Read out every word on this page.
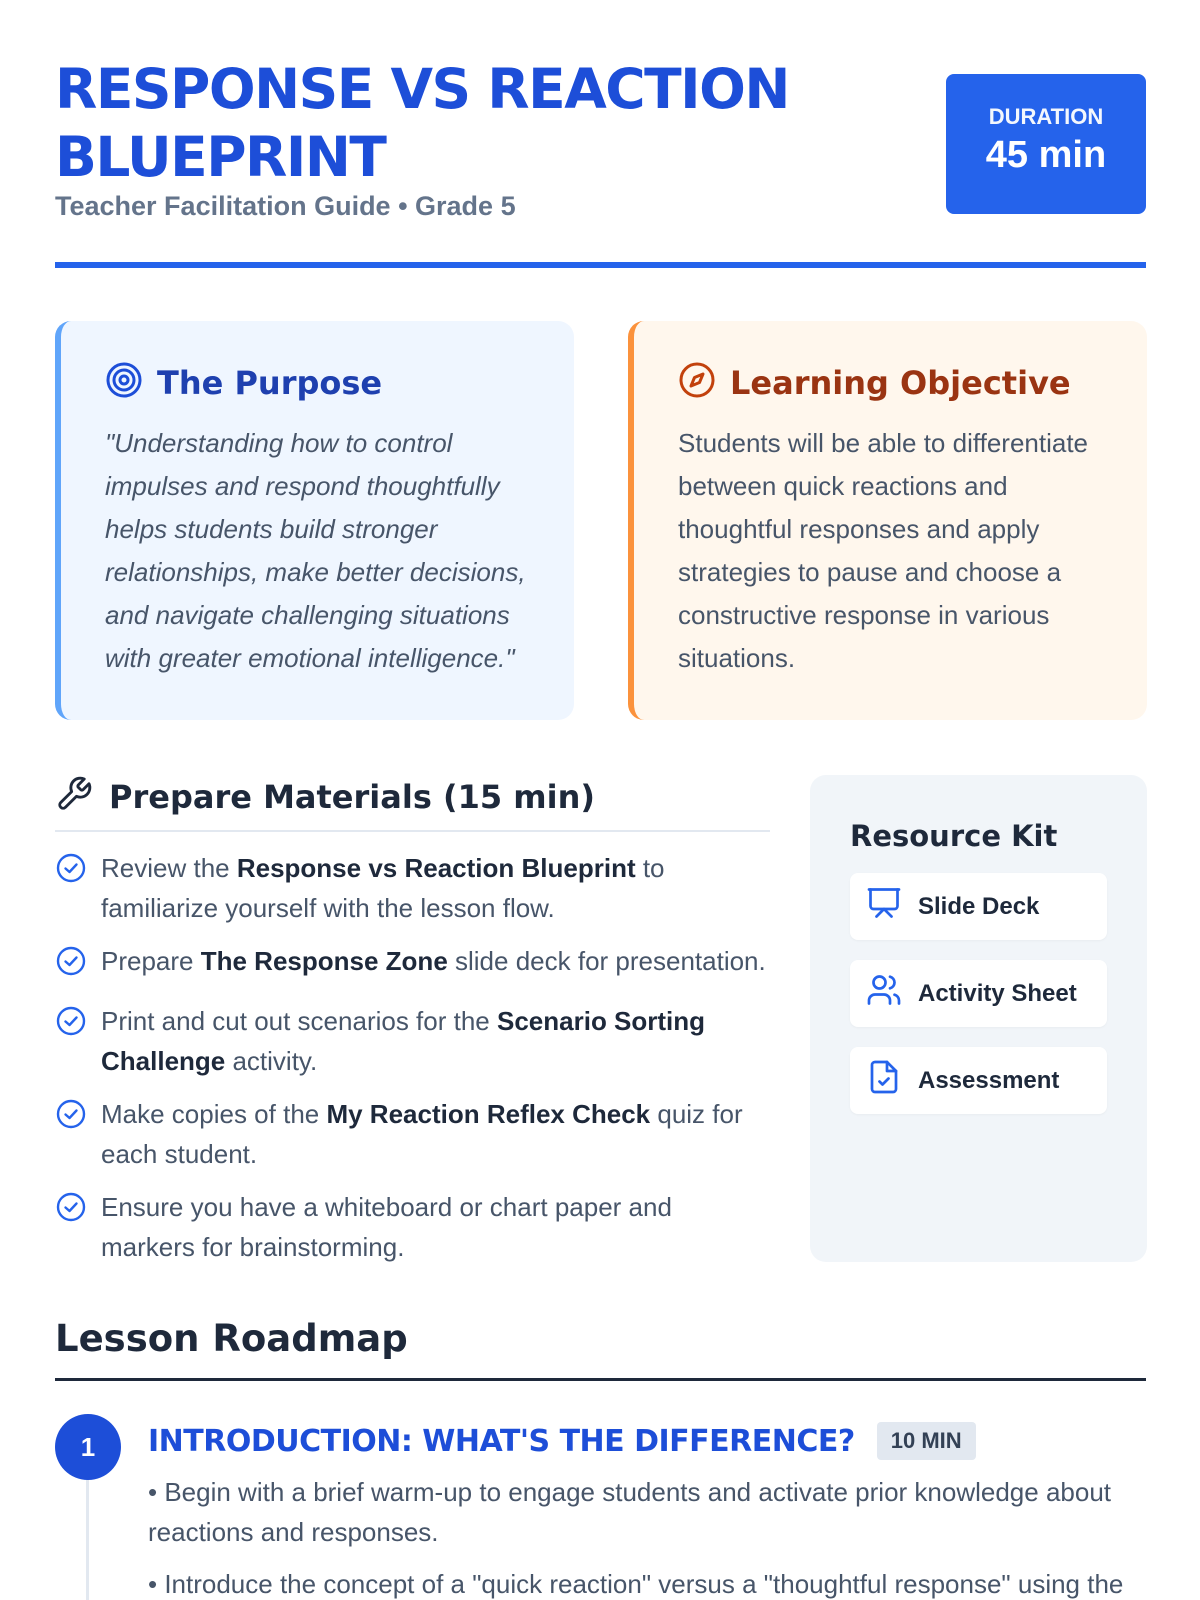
RESPONSE VS REACTION BLUEPRINT
Teacher Facilitation Guide • Grade 5
DURATION
45 min
The Purpose

"Understanding how to control impulses and respond thoughtfully helps students build stronger relationships, make better decisions, and navigate challenging situations with greater emotional intelligence."

Learning Objective

Students will be able to differentiate between quick reactions and thoughtful responses and apply strategies to pause and choose a constructive response in various situations.

Prepare Materials (15 min)
Review the Response vs Reaction Blueprint to familiarize yourself with the lesson flow.
Prepare The Response Zone slide deck for presentation.
Print and cut out scenarios for the Scenario Sorting Challenge activity.
Make copies of the My Reaction Reflex Check quiz for each student.
Ensure you have a whiteboard or chart paper and markers for brainstorming.
Resource Kit
Slide Deck
Activity Sheet
Assessment
Lesson Roadmap
1	INTRODUCTION: WHAT'S THE DIFFERENCE?	10 MIN

• Begin with a brief warm-up to engage students and activate prior knowledge about reactions and responses.

• Introduce the concept of a "quick reaction" versus a "thoughtful response" using the
